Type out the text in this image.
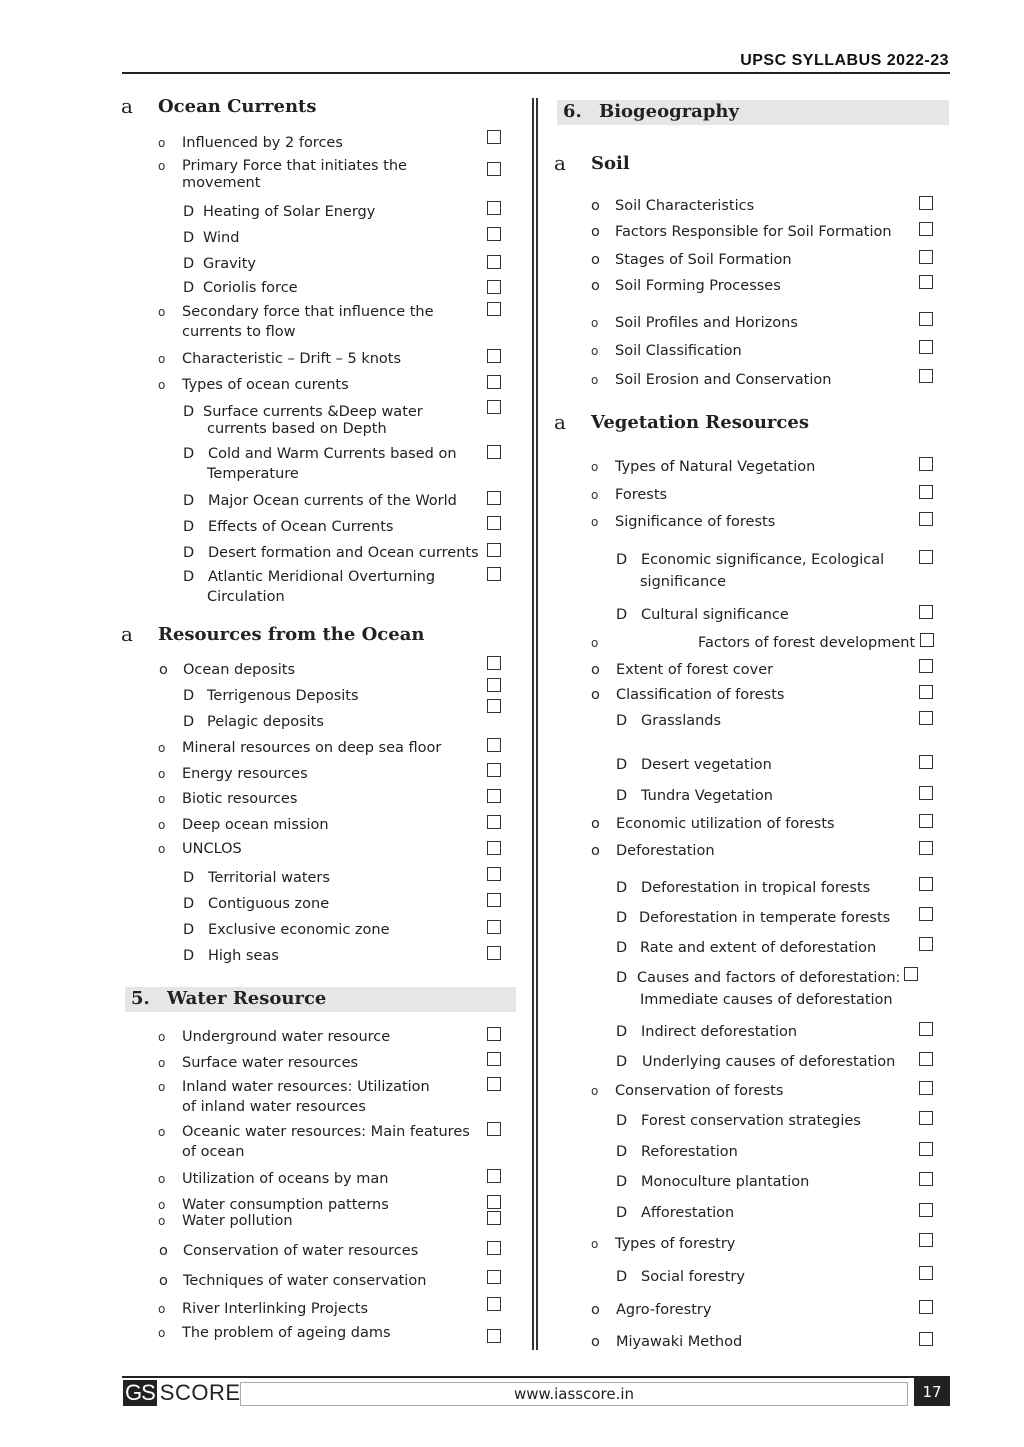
UPSC SYLLABUS 2022-23
a Ocean Currents
o Influenced by 2 forces
o Primary Force that initiates the
movement
D Heating of Solar Energy
D Wind
D Gravity
D Coriolis force
o Secondary force that influence the
currents to flow
o Characteristic – Drift – 5 knots
o Types of ocean curents
D Surface currents &Deep water
currents based on Depth
D Cold and Warm Currents based on
Temperature
D Major Ocean currents of the World
D Effects of Ocean Currents
D Desert formation and Ocean currents
D Atlantic Meridional Overturning
Circulation
a Resources from the Ocean
o Ocean deposits
D Terrigenous Deposits
D Pelagic deposits
o Mineral resources on deep sea floor
o Energy resources
o Biotic resources
o Deep ocean mission
o UNCLOS
D Territorial waters
D Contiguous zone
D Exclusive economic zone
D High seas
5. Water Resource
o Underground water resource
o Surface water resources
o Inland water resources: Utilization
of inland water resources
o Oceanic water resources: Main features
of ocean
o Utilization of oceans by man
o Water consumption patterns
o Water pollution
o Conservation of water resources
o Techniques of water conservation
o River Interlinking Projects
o The problem of ageing dams
6. Biogeography
a Soil
o Soil Characteristics
o Factors Responsible for Soil Formation
o Stages of Soil Formation
o Soil Forming Processes
o Soil Profiles and Horizons
o Soil Classification
o Soil Erosion and Conservation
a Vegetation Resources
o Types of Natural Vegetation
o Forests
o Significance of forests
D Economic significance, Ecological
significance
D Cultural significance
o	Factors of forest development
o Extent of forest cover
o Classification of forests
D Grasslands
D Desert vegetation
D Tundra Vegetation
o Economic utilization of forests
o Deforestation
D Deforestation in tropical forests
D Deforestation in temperate forests
D Rate and extent of deforestation
D Causes and factors of deforestation:
Immediate causes of deforestation
D Indirect deforestation
D Underlying causes of deforestation
o Conservation of forests
D Forest conservation strategies
D Reforestation
D Monoculture plantation
D Afforestation
o Types of forestry
D Social forestry
o Agro-forestry
o Miyawaki Method
GS SCORE	www.iasscore.in	17
